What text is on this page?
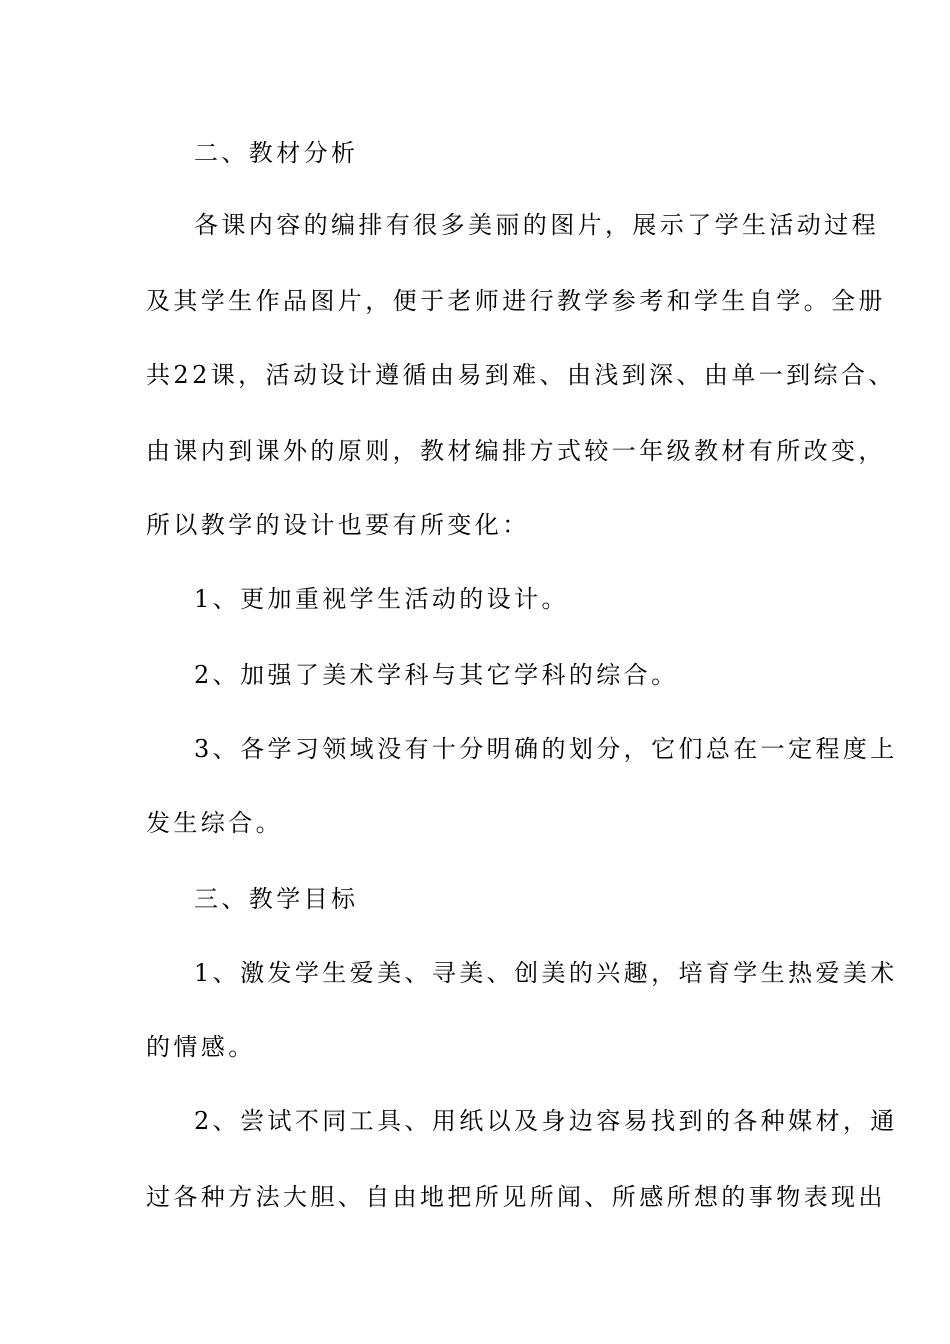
二、教材分析
各课内容的编排有很多美丽的图片，展示了学生活动过程
及其学生作品图片，便于老师进行教学参考和学生自学。全册
共22课，活动设计遵循由易到难、由浅到深、由单一到综合、
由课内到课外的原则，教材编排方式较一年级教材有所改变，
所以教学的设计也要有所变化：
1、更加重视学生活动的设计。
2、加强了美术学科与其它学科的综合。
3、各学习领域没有十分明确的划分，它们总在一定程度上
发生综合。
三、教学目标
1、激发学生爱美、寻美、创美的兴趣，培育学生热爱美术
的情感。
2、尝试不同工具、用纸以及身边容易找到的各种媒材，通
过各种方法大胆、自由地把所见所闻、所感所想的事物表现出
